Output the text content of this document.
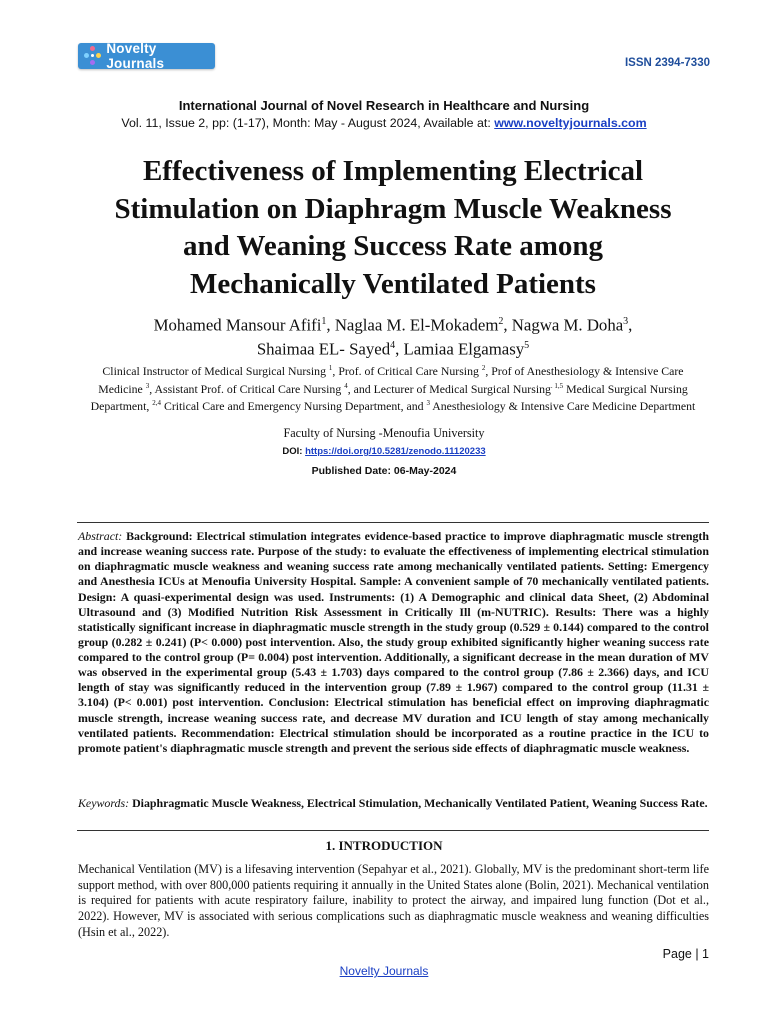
Novelty Journals	ISSN 2394-7330
International Journal of Novel Research in Healthcare and Nursing
Vol. 11, Issue 2, pp: (1-17), Month: May - August 2024, Available at: www.noveltyjournals.com
Effectiveness of Implementing Electrical Stimulation on Diaphragm Muscle Weakness and Weaning Success Rate among Mechanically Ventilated Patients
Mohamed Mansour Afifi$^1$, Naglaa M. El-Mokadem$^2$, Nagwa M. Doha$^3$,
Shaimaa EL- Sayed$^4$, Lamiaa Elgamasy$^5$
Clinical Instructor of Medical Surgical Nursing $^1$, Prof. of Critical Care Nursing $^2$, Prof of Anesthesiology & Intensive Care Medicine $^3$, Assistant Prof. of Critical Care Nursing $^4$, and Lecturer of Medical Surgical Nursing$^{. 1,5}$ Medical Surgical Nursing Department, $^{2,4}$ Critical Care and Emergency Nursing Department, and $^3$ Anesthesiology & Intensive Care Medicine Department
Faculty of Nursing -Menoufia University
DOI: https://doi.org/10.5281/zenodo.11120233
Published Date: 06-May-2024

Abstract: Background: Electrical stimulation integrates evidence-based practice to improve diaphragmatic muscle strength and increase weaning success rate. Purpose of the study: to evaluate the effectiveness of implementing electrical stimulation on diaphragmatic muscle weakness and weaning success rate among mechanically ventilated patients. Setting: Emergency and Anesthesia ICUs at Menoufia University Hospital. Sample: A convenient sample of 70 mechanically ventilated patients. Design: A quasi-experimental design was used. Instruments: (1) A Demographic and clinical data Sheet, (2) Abdominal Ultrasound and (3) Modified Nutrition Risk Assessment in Critically Ill (m-NUTRIC). Results: There was a highly statistically significant increase in diaphragmatic muscle strength in the study group (0.529 ± 0.144) compared to the control group (0.282 ± 0.241) (P< 0.000) post intervention. Also, the study group exhibited significantly higher weaning success rate compared to the control group (P= 0.004) post intervention. Additionally, a significant decrease in the mean duration of MV was observed in the experimental group (5.43 ± 1.703) days compared to the control group (7.86 ± 2.366) days, and ICU length of stay was significantly reduced in the intervention group (7.89 ± 1.967) compared to the control group (11.31 ± 3.104) (P< 0.001) post intervention. Conclusion: Electrical stimulation has beneficial effect on improving diaphragmatic muscle strength, increase weaning success rate, and decrease MV duration and ICU length of stay among mechanically ventilated patients. Recommendation: Electrical stimulation should be incorporated as a routine practice in the ICU to promote patient's diaphragmatic muscle strength and prevent the serious side effects of diaphragmatic muscle weakness.

Keywords: Diaphragmatic Muscle Weakness, Electrical Stimulation, Mechanically Ventilated Patient, Weaning Success Rate.

1. INTRODUCTION

Mechanical Ventilation (MV) is a lifesaving intervention (Sepahyar et al., 2021). Globally, MV is the predominant short-term life support method, with over 800,000 patients requiring it annually in the United States alone (Bolin, 2021). Mechanical ventilation is required for patients with acute respiratory failure, inability to protect the airway, and impaired lung function (Dot et al., 2022). However, MV is associated with serious complications such as diaphragmatic muscle weakness and weaning difficulties (Hsin et al., 2022).

Page | 1
Novelty Journals
